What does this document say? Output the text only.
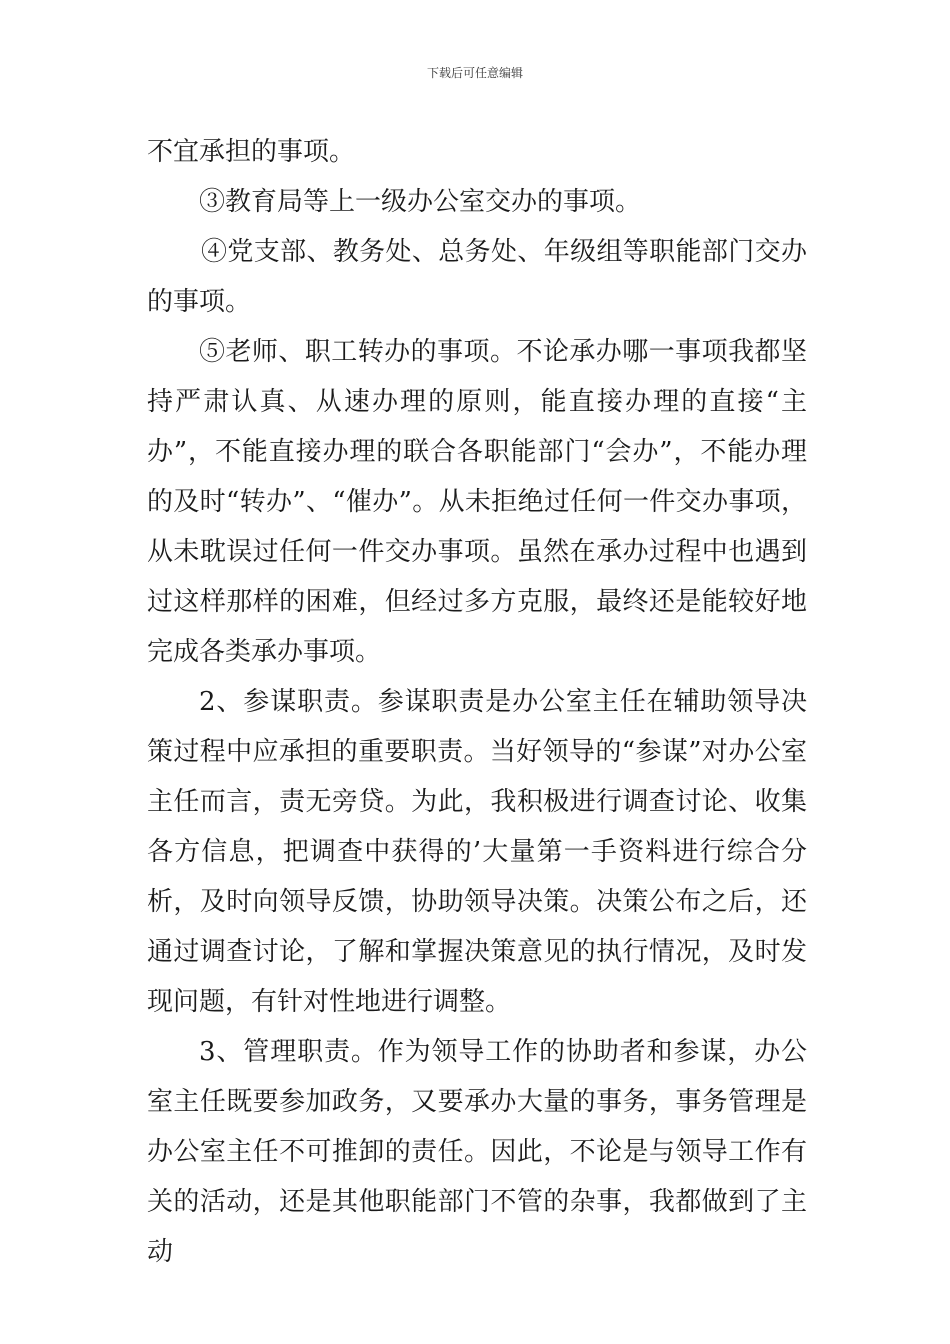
下载后可任意编辑

不宜承担的事项。

③教育局等上一级办公室交办的事项。

④党支部、教务处、总务处、年级组等职能部门交办的事项。

⑤老师、职工转办的事项。不论承办哪一事项我都坚持严肃认真、从速办理的原则，能直接办理的直接“主办”，不能直接办理的联合各职能部门“会办”，不能办理的及时“转办”、“催办”。从未拒绝过任何一件交办事项，从未耽误过任何一件交办事项。虽然在承办过程中也遇到过这样那样的困难，但经过多方克服，最终还是能较好地完成各类承办事项。

2、参谋职责。参谋职责是办公室主任在辅助领导决策过程中应承担的重要职责。当好领导的“参谋”对办公室主任而言，责无旁贷。为此，我积极进行调查讨论、收集各方信息，把调查中获得的’大量第一手资料进行综合分析，及时向领导反馈，协助领导决策。决策公布之后，还通过调查讨论，了解和掌握决策意见的执行情况，及时发现问题，有针对性地进行调整。

3、管理职责。作为领导工作的协助者和参谋，办公室主任既要参加政务，又要承办大量的事务，事务管理是办公室主任不可推卸的责任。因此，不论是与领导工作有关的活动，还是其他职能部门不管的杂事，我都做到了主动
